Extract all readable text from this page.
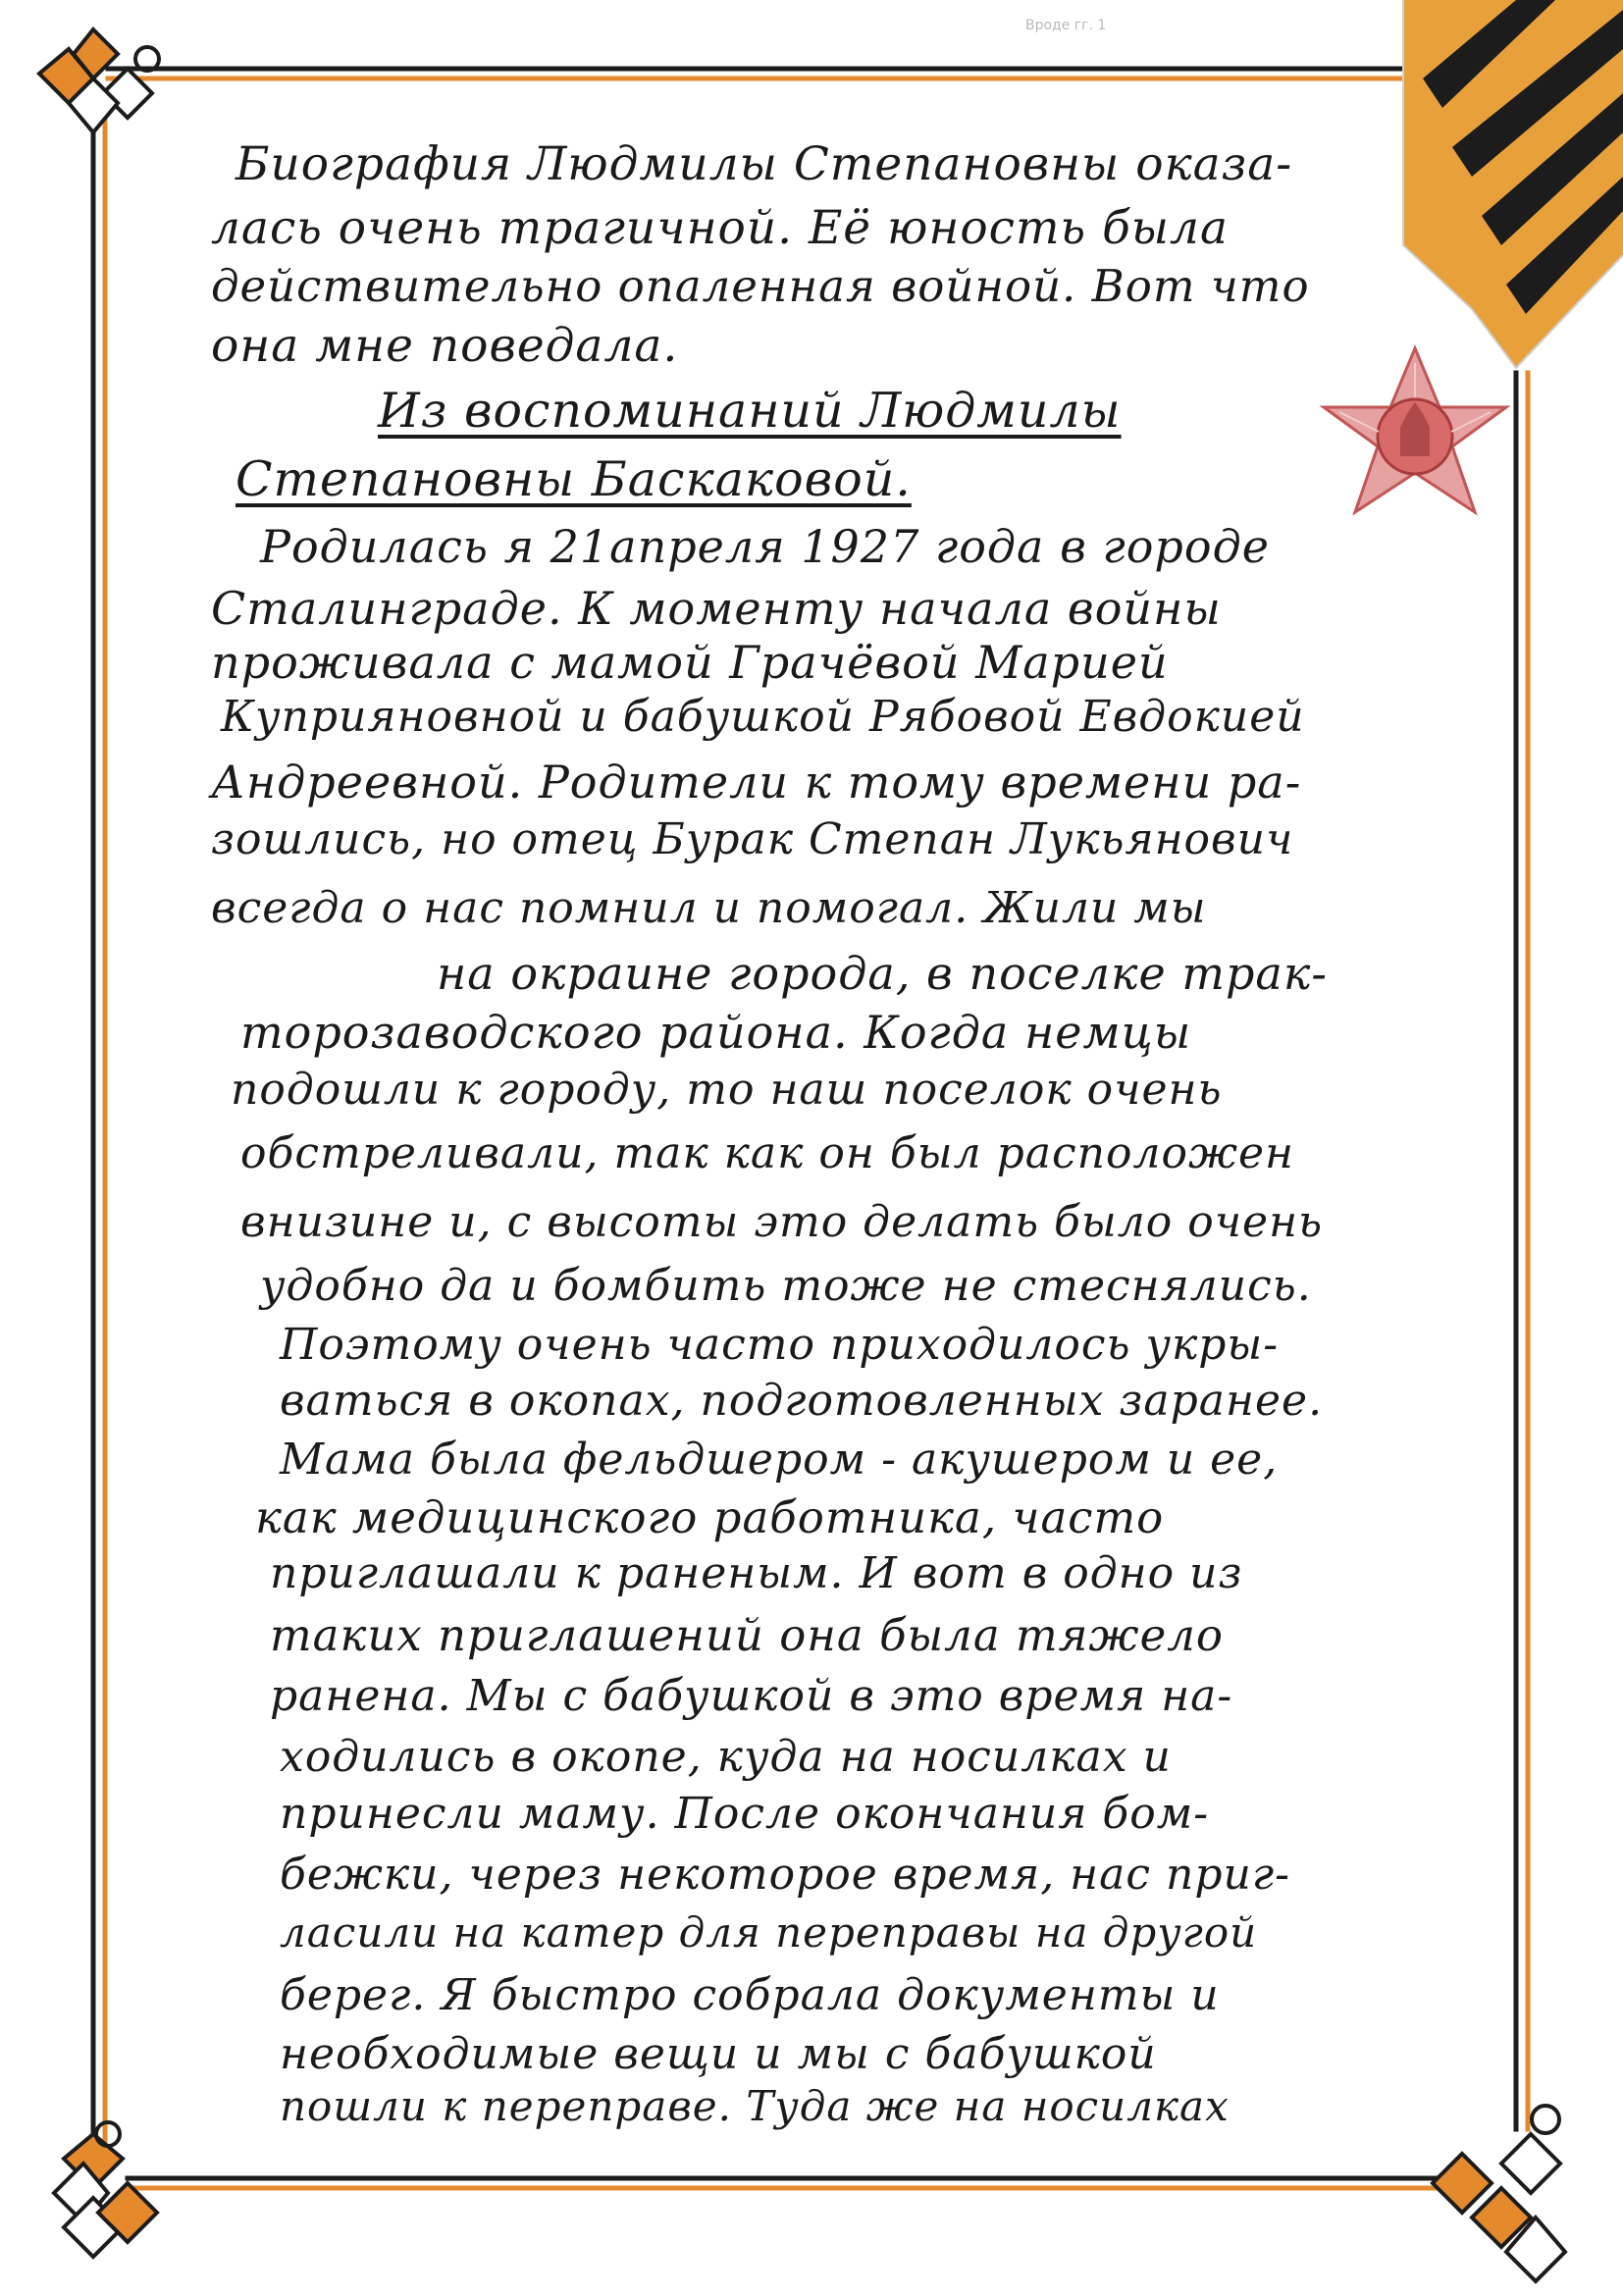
Вроде гг. 1
Биография Людмилы Степановны оказа-
лась очень трагичной. Её юность была
действительно опаленная войной. Вот что
она мне поведала.
Из воспоминаний Людмилы
Степановны Баскаковой.
Родилась я 21апреля 1927 года в городе
Сталинграде. К моменту начала войны
проживала с мамой Грачёвой Марией
Куприяновной и бабушкой Рябовой Евдокией
Андреевной. Родители к тому времени ра-
зошлись, но отец Бурак Степан Лукьянович
всегда о нас помнил и помогал. Жили мы
на окраине города, в поселке трак-
торозаводского района. Когда немцы
подошли к городу, то наш поселок очень
обстреливали, так как он был расположен
внизине и, с высоты это делать было очень
удобно да и бомбить тоже не стеснялись.
Поэтому очень часто приходилось укры-
ваться в окопах, подготовленных заранее.
Мама была фельдшером - акушером и ее,
как медицинского работника, часто
приглашали к раненым. И вот в одно из
таких приглашений она была тяжело
ранена. Мы с бабушкой в это время на-
ходились в окопе, куда на носилках и
принесли маму. После окончания бом-
бежки, через некоторое время, нас приг-
ласили на катер для переправы на другой
берег. Я быстро собрала документы и
необходимые вещи и мы с бабушкой
пошли к переправе. Туда же на носилках
